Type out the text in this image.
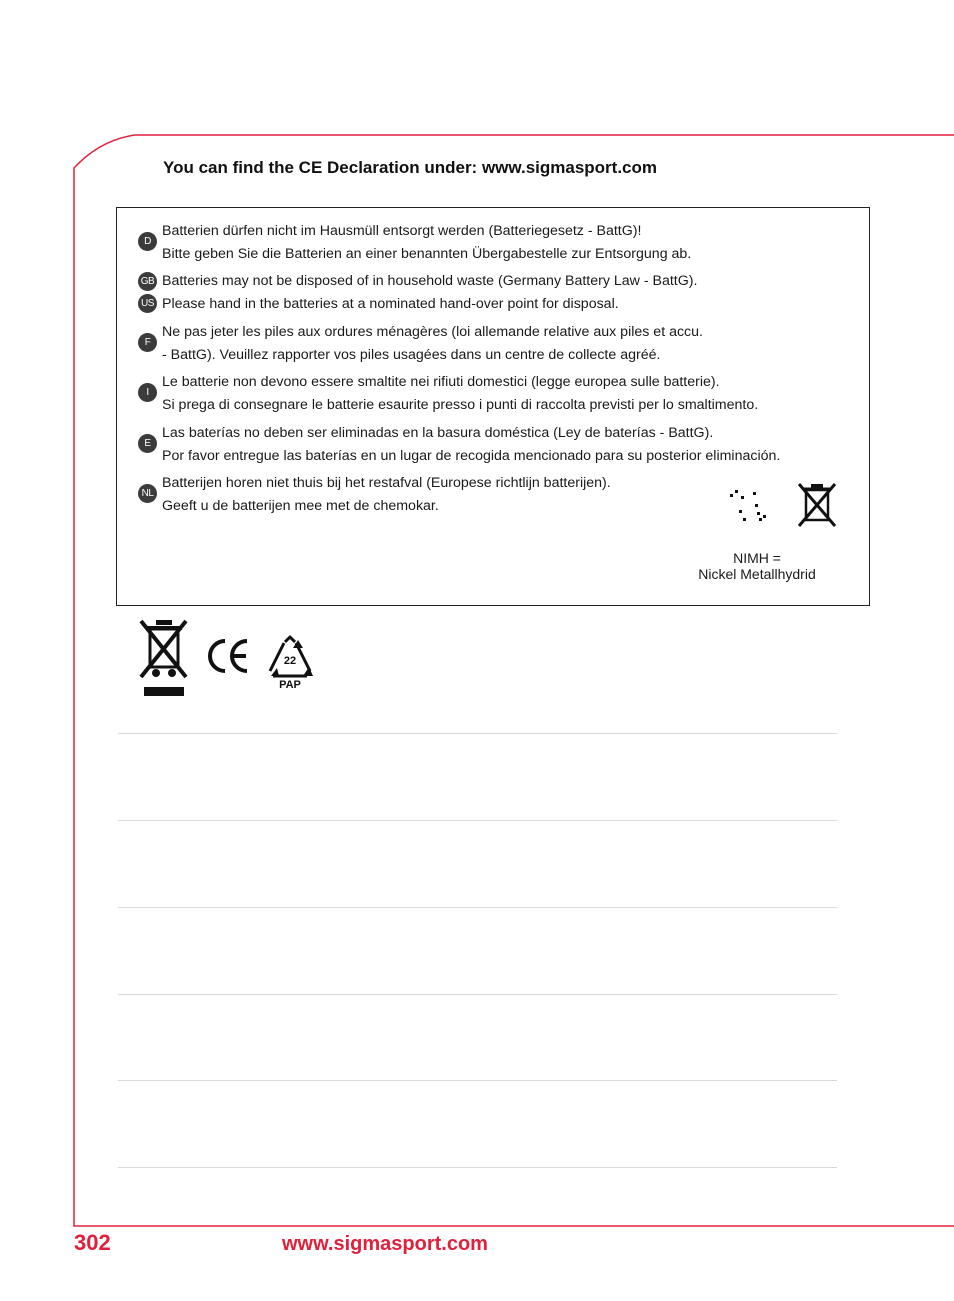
You can find the CE Declaration under: www.sigmasport.com
D
Batterien dürfen nicht im Hausmüll entsorgt werden (Batteriegesetz - BattG)!
Bitte geben Sie die Batterien an einer benannten Übergabestelle zur Entsorgung ab.
GB
US
Batteries may not be disposed of in household waste (Germany Battery Law - BattG).
Please hand in the batteries at a nominated hand-over point for disposal.
F
Ne pas jeter les piles aux ordures ménagères (loi allemande relative aux piles et accu.
- BattG). Veuillez rapporter vos piles usagées dans un centre de collecte agréé.
I
Le batterie non devono essere smaltite nei rifiuti domestici (legge europea sulle batterie).
Si prega di consegnare le batterie esaurite presso i punti di raccolta previsti per lo smaltimento.
E
Las baterías no deben ser eliminadas en la basura doméstica (Ley de baterías - BattG).
Por favor entregue las baterías en un lugar de recogida mencionado para su posterior eliminación.
NL
Batterijen horen niet thuis bij het restafval (Europese richtlijn batterijen).
Geeft u de batterijen mee met de chemokar.
NIMH =
Nickel Metallhydrid
22
PAP
302	www.sigmasport.com
